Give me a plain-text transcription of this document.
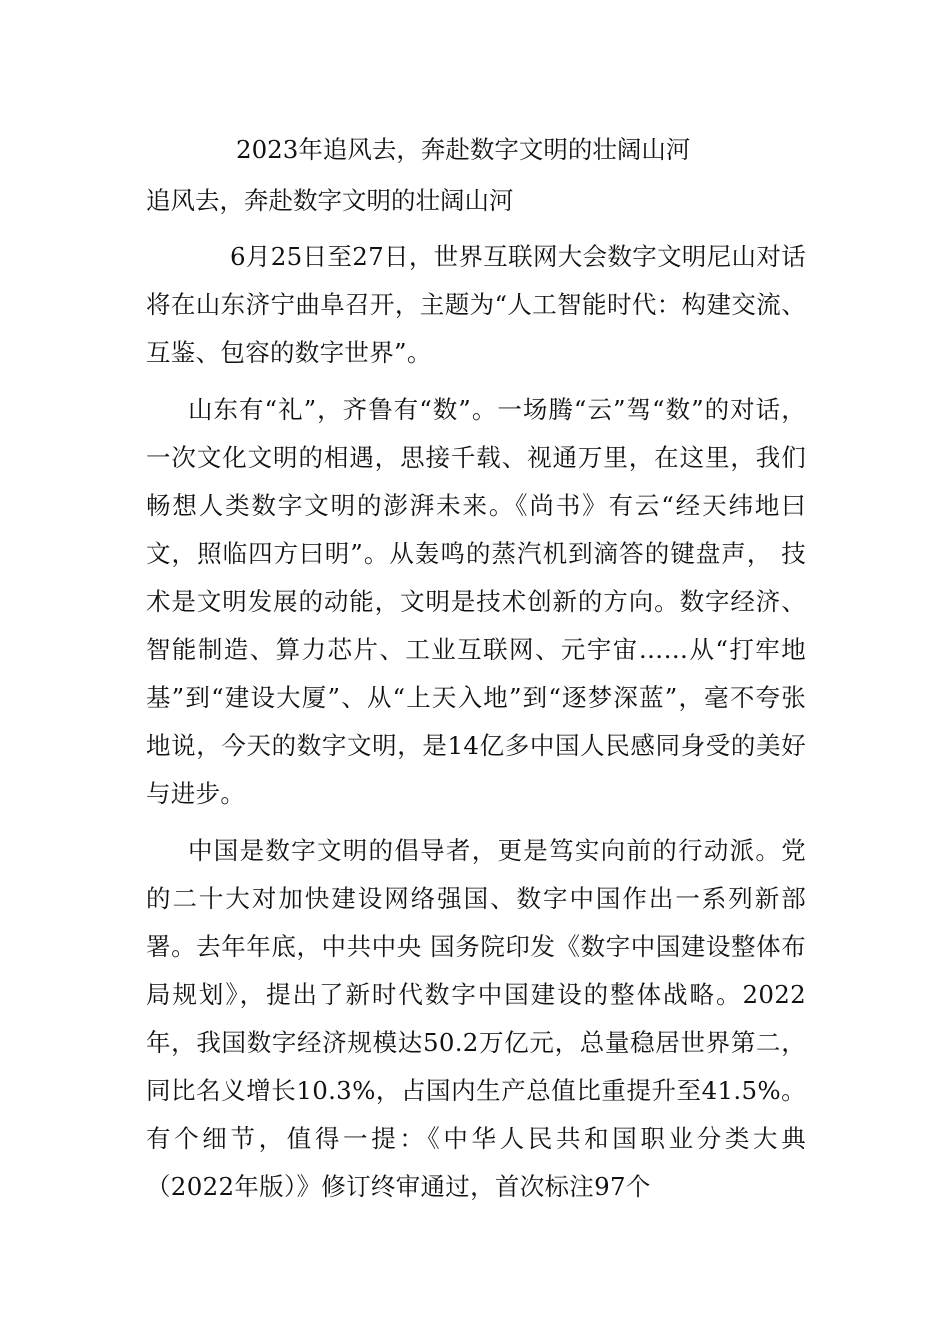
2023年追风去，奔赴数字文明的壮阔山河
追风去，奔赴数字文明的壮阔山河

6月25日至27日，世界互联网大会数字文明尼山对话将在山东济宁曲阜召开，主题为“人工智能时代：构建交流、互鉴、包容的数字世界”。

山东有“礼”，齐鲁有“数”。一场腾“云”驾“数”的对话，一次文化文明的相遇，思接千载、视通万里，在这里，我们畅想人类数字文明的澎湃未来。《尚书》有云“经天纬地曰文，照临四方曰明”。从轰鸣的蒸汽机到滴答的键盘声， 技术是文明发展的动能，文明是技术创新的方向。数字经济、智能制造、算力芯片、工业互联网、元宇宙……从“打牢地基”到“建设大厦”、从“上天入地”到“逐梦深蓝”，毫不夸张地说，今天的数字文明，是14亿多中国人民感同身受的美好与进步。

中国是数字文明的倡导者，更是笃实向前的行动派。党的二十大对加快建设网络强国、数字中国作出一系列新部署。去年年底，中共中央 国务院印发《数字中国建设整体布局规划》，提出了新时代数字中国建设的整体战略。2022年，我国数字经济规模达50.2万亿元，总量稳居世界第二，同比名义增长10.3%，占国内生产总值比重提升至41.5%。有个细节，值得一提：《中华人民共和国职业分类大典（2022年版）》修订终审通过，首次标注97个
